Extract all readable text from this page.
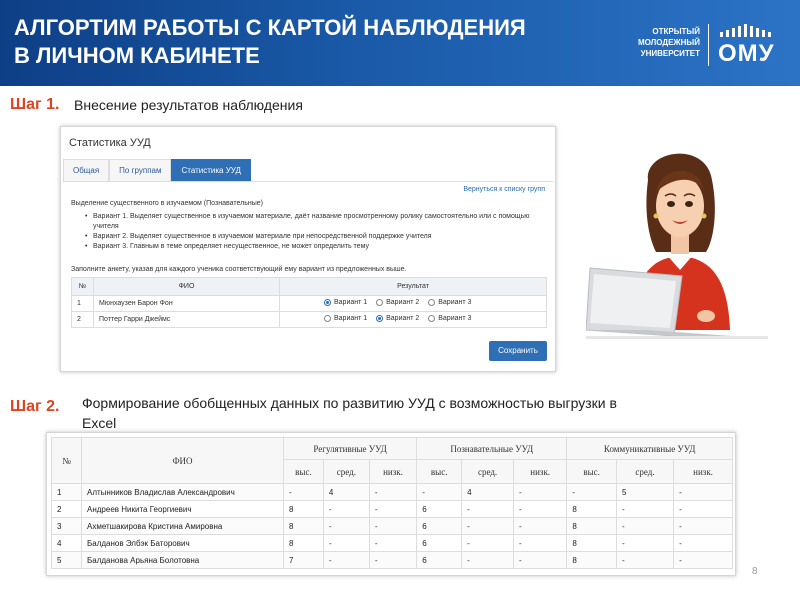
АЛГОРТИМ РАБОТЫ С КАРТОЙ НАБЛЮДЕНИЯ
В ЛИЧНОМ КАБИНЕТЕ
ОТКРЫТЫЙ
МОЛОДЕЖНЫЙ
УНИВЕРСИТЕТ ОМУ
Шаг 1. Внесение результатов наблюдения
Статистика УУД
Общая	По группам	Статистика УУД
Вернуться к списку групп
Выделение существенного в изучаемом (Познавательные)
• Вариант 1. Выделяет существенное в изучаемом материале, даёт название просмотренному ролику самостоятельно или с помощью учителя
• Вариант 2. Выделяет существенное в изучаемом материале при непосредственной поддержке учителя
• Вариант 3. Главным в теме определяет несущественное, не может определить тему
Заполните анкету, указав для каждого ученика соответствующий ему вариант из предложенных выше.
№	ФИО	Результат
1	Мюнхаузен Барон Фон	Вариант 1
Вариант 2
Вариант 3

2	Поттер Гарри Джеймс	Вариант 1
Вариант 2
Вариант 3
Сохранить
Шаг 2. Формирование обобщенных данных по развитию УУД с возможностью выгрузки в
Excel
№	ФИО	Регулятивные УУД			Познавательные УУД			Коммуникативные УУД		
		выс.	сред.	низк.	выс.	сред.	низк.	выс.	сред.	низк.
1	Алтынников Владислав Александрович	-	4	-	-	4	-	-	5	-
2	Андреев Никита Георгиевич	8	-	-	6	-	-	8	-	-
3	Ахметшакирова Кристина Амировна	8	-	-	6	-	-	8	-	-
4	Балданов Элбэк Баторович	8	-	-	6	-	-	8	-	-
5	Балданова Арьяна Болотовна	7	-	-	6	-	-	8	-	-
8
